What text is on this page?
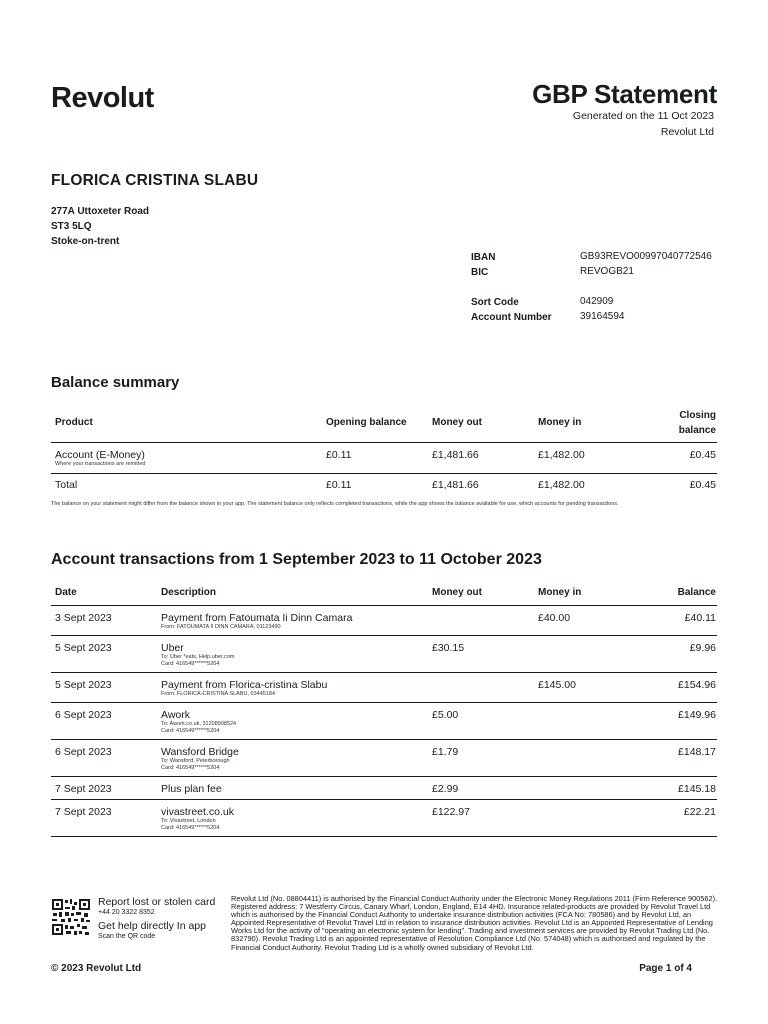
Revolut	GBP Statement
Generated on the 11 Oct 2023
Revolut Ltd
FLORICA CRISTINA SLABU
277A Uttoxeter Road
ST3 5LQ
Stoke-on-trent
IBAN	GB93REVO00997040772546
BIC	REVOGB21
Sort Code	042909
Account Number	39164594
Balance summary
Product	Opening balance	Money out	Money in	Closing
balance
Account (E-Money)
Where your transactions are remitted	£0.11	£1,481.66	£1,482.00	£0.45
Total	£0.11	£1,481.66	£1,482.00	£0.45
The balance on your statement might differ from the balance shown in your app. The statement balance only reflects completed transactions, while the app shows the balance available for use, which accounts for pending transactions.
Account transactions from 1 September 2023 to 11 October 2023
Date	Description	Money out	Money in	Balance
3 Sept 2023	Payment from Fatoumata Ii Dinn Camara
From: FATOUMATA II DINN CAMARA, 01123490		£40.00	£40.11
5 Sept 2023	Uber
To: Uber *eats, Help.uber.com
Card: 416549******5204	£30.15		£9.96
5 Sept 2023	Payment from Florica-cristina Slabu
From: FLORICA-CRISTINA SLABU, 03445184		£145.00	£154.96
6 Sept 2023	Awork
To: Awork.co.uk, 31208908524
Card: 416549******5204	£5.00		£149.96
6 Sept 2023	Wansford Bridge
To: Wansford, Peterborough
Card: 416549******5204	£1.79		£148.17
7 Sept 2023	Plus plan fee	£2.99		£145.18
7 Sept 2023	vivastreet.co.uk
To: Vivastreet, London
Card: 416549******5204	£122.97		£22.21
Report lost or stolen card
+44 20 3322 8352
Get help directly In app
Scan the QR code
Revolut Ltd (No. 08804411) is authorised by the Financial Conduct Authority under the Electronic Money Regulations 2011 (Firm Reference 900562). Registered address: 7 Westferry Circus, Canary Wharf, London, England, E14 4HD. Insurance related-products are provided by Revolut Travel Ltd which is authorised by the Financial Conduct Authority to undertake insurance distribution activities (FCA No: 780586) and by Revolut Ltd, an Appointed Representative of Revolut Travel Ltd in relation to insurance distribution activities. Revolut Ltd is an Appointed Representative of Lending Works Ltd for the activity of "operating an electronic system for lending". Trading and investment services are provided by Revolut Trading Ltd (No. 832790). Revolut Trading Ltd is an appointed representative of Resolution Compliance Ltd (No. 574048) which is authorised and regulated by the Financial Conduct Authority. Revolut Trading Ltd is a wholly owned subsidiary of Revolut Ltd.
© 2023 Revolut Ltd	Page 1 of 4
